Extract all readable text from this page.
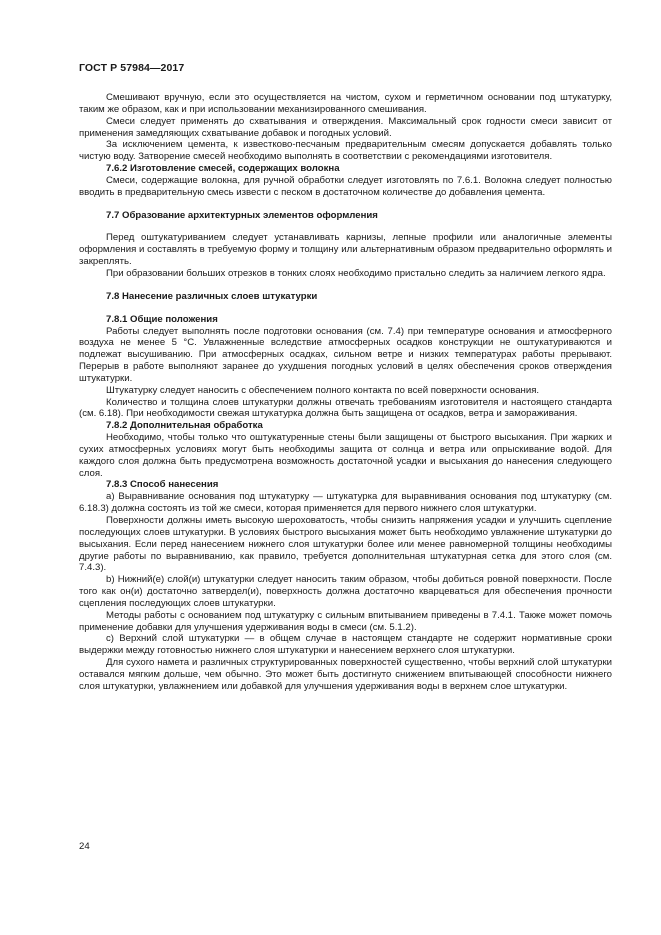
ГОСТ Р 57984—2017

Смешивают вручную, если это осуществляется на чистом, сухом и герметичном основании под штукатурку, таким же образом, как и при использовании механизированного смешивания.

Смеси следует применять до схватывания и отверждения. Максимальный срок годности смеси зависит от применения замедляющих схватывание добавок и погодных условий.

За исключением цемента, к известково-песчаным предварительным смесям допускается добавлять только чистую воду. Затворение смесей необходимо выполнять в соответствии с рекомендациями изготовителя.

7.6.2 Изготовление смесей, содержащих волокна

Смеси, содержащие волокна, для ручной обработки следует изготовлять по 7.6.1. Волокна следует полностью вводить в предварительную смесь извести с песком в достаточном количестве до добавления цемента.

7.7 Образование архитектурных элементов оформления

Перед оштукатуриванием следует устанавливать карнизы, лепные профили или аналогичные элементы оформления и составлять в требуемую форму и толщину или альтернативным образом предварительно оформлять и закреплять.

При образовании больших отрезков в тонких слоях необходимо пристально следить за наличием легкого ядра.

7.8 Нанесение различных слоев штукатурки
7.8.1 Общие положения

Работы следует выполнять после подготовки основания (см. 7.4) при температуре основания и атмосферного воздуха не менее 5 °С. Увлажненные вследствие атмосферных осадков конструкции не оштукатуриваются и подлежат высушиванию. При атмосферных осадках, сильном ветре и низких температурах работы прерывают. Перерыв в работе выполняют заранее до ухудшения погодных условий в целях обеспечения сроков отверждения штукатурки.

Штукатурку следует наносить с обеспечением полного контакта по всей поверхности основания.

Количество и толщина слоев штукатурки должны отвечать требованиям изготовителя и настоящего стандарта (см. 6.18). При необходимости свежая штукатурка должна быть защищена от осадков, ветра и замораживания.

7.8.2 Дополнительная обработка

Необходимо, чтобы только что оштукатуренные стены были защищены от быстрого высыхания. При жарких и сухих атмосферных условиях могут быть необходимы защита от солнца и ветра или опрыскивание водой. Для каждого слоя должна быть предусмотрена возможность достаточной усадки и высыхания до нанесения следующего слоя.

7.8.3 Способ нанесения

а) Выравнивание основания под штукатурку — штукатурка для выравнивания основания под штукатурку (см. 6.18.3) должна состоять из той же смеси, которая применяется для первого нижнего слоя штукатурки.

Поверхности должны иметь высокую шероховатость, чтобы снизить напряжения усадки и улучшить сцепление последующих слоев штукатурки. В условиях быстрого высыхания может быть необходимо увлажнение штукатурки до высыхания. Если перед нанесением нижнего слоя штукатурки более или менее равномерной толщины необходимы другие работы по выравниванию, как правило, требуется дополнительная штукатурная сетка для этого слоя (см. 7.4.3).

b) Нижний(е) слой(и) штукатурки следует наносить таким образом, чтобы добиться ровной поверхности. После того как он(и) достаточно затвердел(и), поверхность должна достаточно кварцеваться для обеспечения прочности сцепления последующих слоев штукатурки.

Методы работы с основанием под штукатурку с сильным впитыванием приведены в 7.4.1. Также может помочь применение добавки для улучшения удерживания воды в смеси (см. 5.1.2).

с) Верхний слой штукатурки — в общем случае в настоящем стандарте не содержит нормативные сроки выдержки между готовностью нижнего слоя штукатурки и нанесением верхнего слоя штукатурки.

Для сухого намета и различных структурированных поверхностей существенно, чтобы верхний слой штукатурки оставался мягким дольше, чем обычно. Это может быть достигнуто снижением впитывающей способности нижнего слоя штукатурки, увлажнением или добавкой для улучшения удерживания воды в верхнем слое штукатурки.

24
